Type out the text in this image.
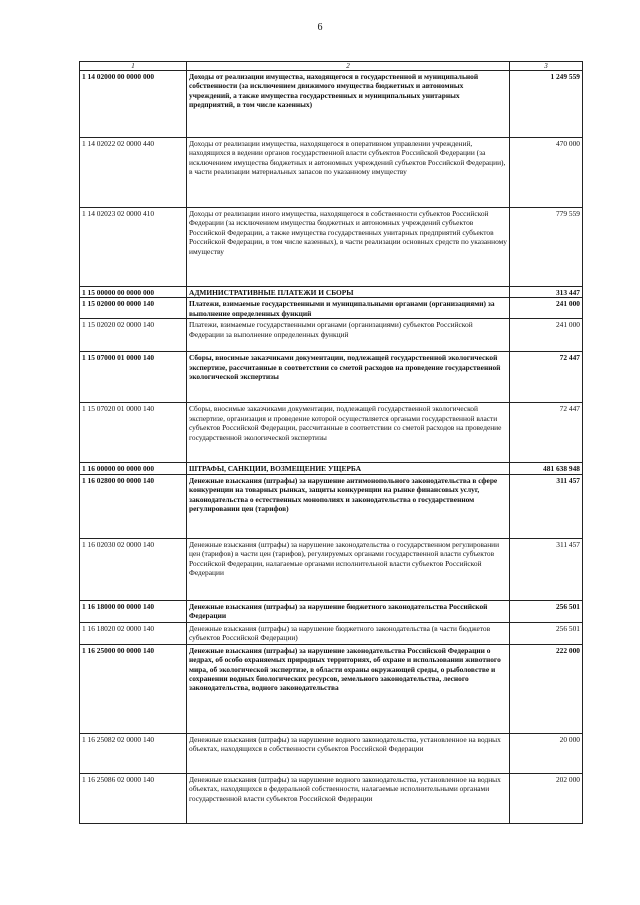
6
1	2	3
1 14 02000 00 0000 000	Доходы от реализации имущества, находящегося в государственной и муниципальной собственности (за исключением движимого имущества бюджетных и автономных учреждений, а также имущества государственных и муниципальных унитарных предприятий, в том числе казенных)	1 249 559
1 14 02022 02 0000 440	Доходы от реализации имущества, находящегося в оперативном управлении учреждений, находящихся в ведении органов государственной власти субъектов Российской Федерации (за исключением имущества бюджетных и автономных учреждений субъектов Российской Федерации), в части реализации материальных запасов по указанному имуществу	470 000
1 14 02023 02 0000 410	Доходы от реализации иного имущества, находящегося в собственности субъектов Российской Федерации (за исключением имущества бюджетных и автономных учреждений субъектов Российской Федерации, а также имущества государственных унитарных предприятий субъектов Российской Федерации, в том числе казенных), в части реализации основных средств по указанному имуществу	779 559
1 15 00000 00 0000 000	АДМИНИСТРАТИВНЫЕ ПЛАТЕЖИ И СБОРЫ	313 447
1 15 02000 00 0000 140	Платежи, взимаемые государственными и муниципальными органами (организациями) за выполнение определенных функций	241 000
1 15 02020 02 0000 140	Платежи, взимаемые государственными органами (организациями) субъектов Российской Федерации за выполнение определенных функций	241 000
1 15 07000 01 0000 140	Сборы, вносимые заказчиками документации, подлежащей государственной экологической экспертизе, рассчитанные в соответствии со сметой расходов на проведение государственной экологической экспертизы	72 447
1 15 07020 01 0000 140	Сборы, вносимые заказчиками документации, подлежащей государственной экологической экспертизе, организация и проведение которой осуществляется органами государственной власти субъектов Российской Федерации, рассчитанные в соответствии со сметой расходов на проведение государственной экологической экспертизы	72 447
1 16 00000 00 0000 000	ШТРАФЫ, САНКЦИИ, ВОЗМЕЩЕНИЕ УЩЕРБА	481 638 948
1 16 02800 00 0000 140	Денежные взыскания (штрафы) за нарушение антимонопольного законодательства в сфере конкуренции на товарных рынках, защиты конкуренции на рынке финансовых услуг, законодательства о естественных монополиях и законодательства о государственном регулировании цен (тарифов)	311 457
1 16 02030 02 0000 140	Денежные взыскания (штрафы) за нарушение законодательства о государственном регулировании цен (тарифов) в части цен (тарифов), регулируемых органами государственной власти субъектов Российской Федерации, налагаемые органами исполнительной власти субъектов Российской Федерации	311 457
1 16 18000 00 0000 140	Денежные взыскания (штрафы) за нарушение бюджетного законодательства Российской Федерации	256 501
1 16 18020 02 0000 140	Денежные взыскания (штрафы) за нарушение бюджетного законодательства (в части бюджетов субъектов Российской Федерации)	256 501
1 16 25000 00 0000 140	Денежные взыскания (штрафы) за нарушение законодательства Российской Федерации о недрах, об особо охраняемых природных территориях, об охране и использовании животного мира, об экологической экспертизе, в области охраны окружающей среды, о рыболовстве и сохранении водных биологических ресурсов, земельного законодательства, лесного законодательства, водного законодательства	222 000
1 16 25082 02 0000 140	Денежные взыскания (штрафы) за нарушение водного законодательства, установленное на водных объектах, находящихся в собственности субъектов Российской Федерации	20 000
1 16 25086 02 0000 140	Денежные взыскания (штрафы) за нарушение водного законодательства, установленное на водных объектах, находящихся в федеральной собственности, налагаемые исполнительными органами государственной власти субъектов Российской Федерации	202 000
